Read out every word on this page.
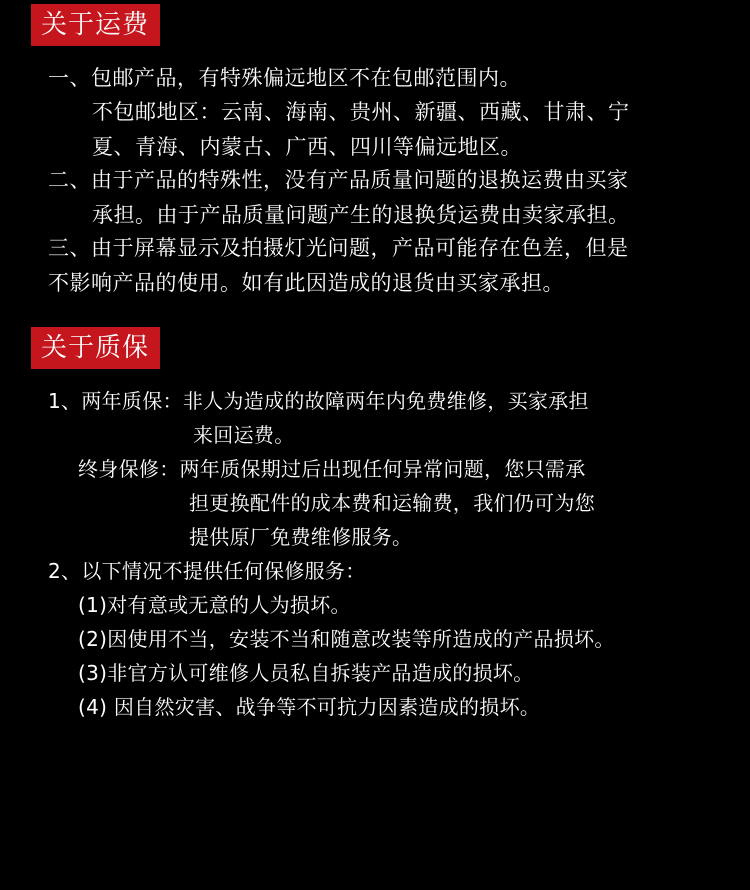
关于运费
一、包邮产品，有特殊偏远地区不在包邮范围内。
不包邮地区：云南、海南、贵州、新疆、西藏、甘肃、宁
夏、青海、内蒙古、广西、四川等偏远地区。
二、由于产品的特殊性，没有产品质量问题的退换运费由买家
承担。由于产品质量问题产生的退换货运费由卖家承担。
三、由于屏幕显示及拍摄灯光问题，产品可能存在色差，但是
不影响产品的使用。如有此因造成的退货由买家承担。
关于质保
1、两年质保：非人为造成的故障两年内免费维修，买家承担
来回运费。
终身保修：两年质保期过后出现任何异常问题，您只需承
担更换配件的成本费和运输费，我们仍可为您
提供原厂免费维修服务。
2、以下情况不提供任何保修服务：
(1)对有意或无意的人为损坏。
(2)因使用不当，安装不当和随意改装等所造成的产品损坏。
(3)非官方认可维修人员私自拆装产品造成的损坏。
(4) 因自然灾害、战争等不可抗力因素造成的损坏。
